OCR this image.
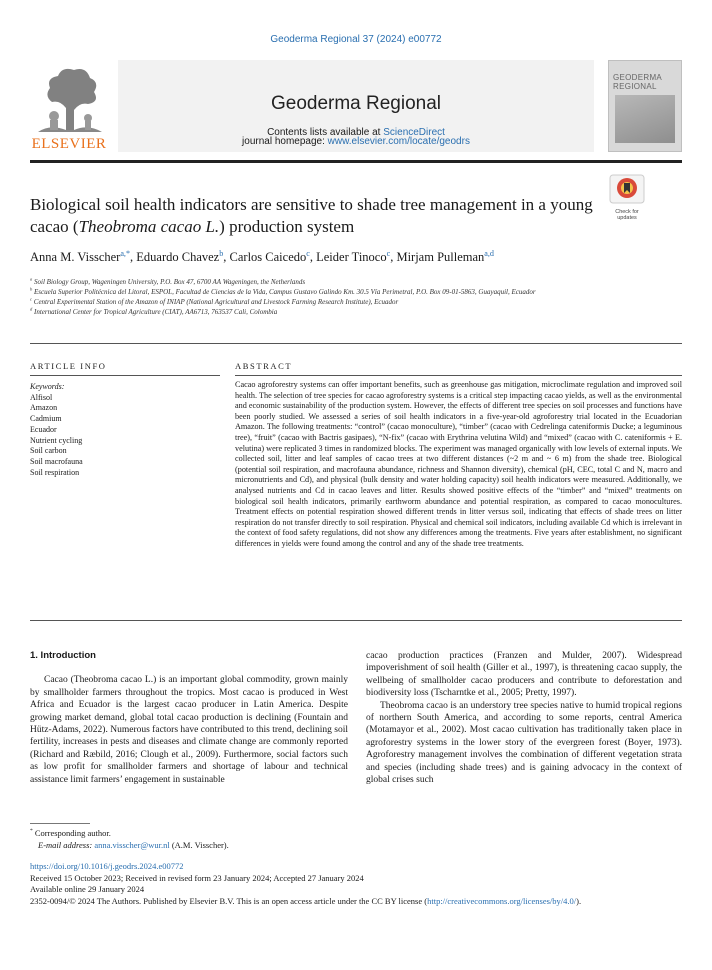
Geoderma Regional 37 (2024) e00772
ELSEVIER
Contents lists available at ScienceDirect
Geoderma Regional
journal homepage: www.elsevier.com/locate/geodrs
GEODERMA
REGIONAL
Biological soil health indicators are sensitive to shade tree management in a young cacao (Theobroma cacao L.) production system
Check for updates
Anna M. Visscher$^{a,*}$, Eduardo Chavez$^b$, Carlos Caicedo$^c$, Leider Tinoco$^c$, Mirjam Pulleman$^{a,d}$
$^a$ Soil Biology Group, Wageningen University, P.O. Box 47, 6700 AA Wageningen, the Netherlands
$^b$ Escuela Superior Politécnica del Litoral, ESPOL, Facultad de Ciencias de la Vida, Campus Gustavo Galindo Km. 30.5 Vía Perimetral, P.O. Box 09-01-5863, Guayaquil, Ecuador
$^c$ Central Experimental Station of the Amazon of INIAP (National Agricultural and Livestock Farming Research Institute), Ecuador
$^d$ International Center for Tropical Agriculture (CIAT), AA6713, 763537 Cali, Colombia
ARTICLE INFO
Keywords:
Alfisol
Amazon
Cadmium
Ecuador
Nutrient cycling
Soil carbon
Soil macrofauna
Soil respiration
ABSTRACT
Cacao agroforestry systems can offer important benefits, such as greenhouse gas mitigation, microclimate regulation and improved soil health. The selection of tree species for cacao agroforestry systems is a critical step impacting cacao yields, as well as the environmental and economic sustainability of the production system. However, the effects of different tree species on soil processes and functions have been poorly studied. We assessed a series of soil health indicators in a five-year-old agroforestry trial located in the Ecuadorian Amazon. The following treatments: “control” (cacao monoculture), “timber” (cacao with Cedrelinga cateniformis Ducke; a leguminous tree), “fruit” (cacao with Bactris gasipaes), “N-fix” (cacao with Erythrina velutina Wild) and “mixed” (cacao with C. cateniformis + E. velutina) were replicated 3 times in randomized blocks. The experiment was managed organically with low levels of external inputs. We collected soil, litter and leaf samples of cacao trees at two different distances (~2 m and ~ 6 m) from the shade tree. Biological (potential soil respiration, and macrofauna abundance, richness and Shannon diversity), chemical (pH, CEC, total C and N, macro and micronutrients and Cd), and physical (bulk density and water holding capacity) soil health indicators were measured. Additionally, we analysed nutrients and Cd in cacao leaves and litter. Results showed positive effects of the “timber” and “mixed” treatments on biological soil health indicators, primarily earthworm abundance and potential respiration, as compared to cacao monocultures. Treatment effects on potential respiration showed different trends in litter versus soil, indicating that effects of shade trees on litter respiration do not transfer directly to soil respiration. Physical and chemical soil indicators, including available Cd which is irrelevant in the context of food safety regulations, did not show any differences among the treatments. Five years after establishment, no significant differences in yields were found among the control and any of the shade tree treatments.

1. Introduction

Cacao (Theobroma cacao L.) is an important global commodity, grown mainly by smallholder farmers throughout the tropics. Most cacao is produced in West Africa and Ecuador is the largest cacao producer in Latin America. Despite growing market demand, global total cacao production is declining (Fountain and Hütz-Adams, 2022). Numerous factors have contributed to this trend, declining soil fertility, increases in pests and diseases and climate change are commonly reported (Richard and Ræbild, 2016; Clough et al., 2009). Furthermore, social factors such as low profit for smallholder farmers and shortage of labour and technical assistance limit farmers’ engagement in sustainable

cacao production practices (Franzen and Mulder, 2007). Widespread impoverishment of soil health (Giller et al., 1997), is threatening cacao supply, the wellbeing of smallholder cacao producers and contribute to deforestation and biodiversity loss (Tscharntke et al., 2005; Pretty, 1997).

Theobroma cacao is an understory tree species native to humid tropical regions of northern South America, and according to some reports, central America (Motamayor et al., 2002). Most cacao cultivation has traditionally taken place in agroforestry systems in the lower story of the evergreen forest (Boyer, 1973). Agroforestry management involves the combination of different vegetation strata and species (including shade trees) and is gaining advocacy in the context of global crises such

* Corresponding author.
E-mail address: anna.visscher@wur.nl (A.M. Visscher).
https://doi.org/10.1016/j.geodrs.2024.e00772
Received 15 October 2023; Received in revised form 23 January 2024; Accepted 27 January 2024
Available online 29 January 2024
2352-0094/© 2024 The Authors. Published by Elsevier B.V. This is an open access article under the CC BY license (http://creativecommons.org/licenses/by/4.0/).
